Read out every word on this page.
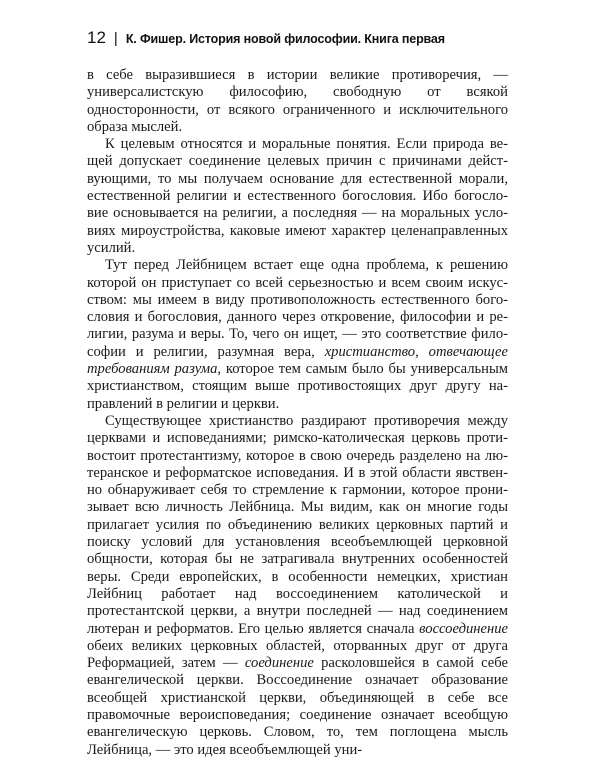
12 | К. Фишер. История новой философии. Книга первая

в себе выразившиеся в истории великие противоречия, — универсалистскую философию, свободную от всякой односторонности, от всякого ограниченного и исключительного образа мыслей.

К целевым относятся и моральные понятия. Если природа вещей допускает соединение целевых причин с причинами действующими, то мы получаем основание для естественной морали, естественной религии и естественного богословия. Ибо богословие основывается на религии, а последняя — на моральных условиях мироустройства, каковые имеют характер целенаправленных усилий.

Тут перед Лейбницем встает еще одна проблема, к решению которой он приступает со всей серьезностью и всем своим искусством: мы имеем в виду противоположность естественного богословия и богословия, данного через откровение, философии и религии, разума и веры. То, чего он ищет, — это соответствие философии и религии, разумная вера, христианство, отвечающее требованиям разума, которое тем самым было бы универсальным христианством, стоящим выше противостоящих друг другу направлений в религии и церкви.

Существующее христианство раздирают противоречия между церквами и исповеданиями; римско-католическая церковь противостоит протестантизму, которое в свою очередь разделено на лютеранское и реформатское исповедания. И в этой области явственно обнаруживает себя то стремление к гармонии, которое пронизывает всю личность Лейбница. Мы видим, как он многие годы прилагает усилия по объединению великих церковных партий и поиску условий для установления всеобъемлющей церковной общности, которая бы не затрагивала внутренних особенностей веры. Среди европейских, в особенности немецких, христиан Лейбниц работает над воссоединением католической и протестантской церкви, а внутри последней — над соединением лютеран и реформатов. Его целью является сначала воссоединение обеих великих церковных областей, оторванных друг от друга Реформацией, затем — соединение расколовшейся в самой себе евангелической церкви. Воссоединение означает образование всеобщей христианской церкви, объединяющей в себе все правомочные вероисповедания; соединение означает всеобщую евангелическую церковь. Словом, то, тем поглощена мысль Лейбница, — это идея всеобъемлющей уни-
